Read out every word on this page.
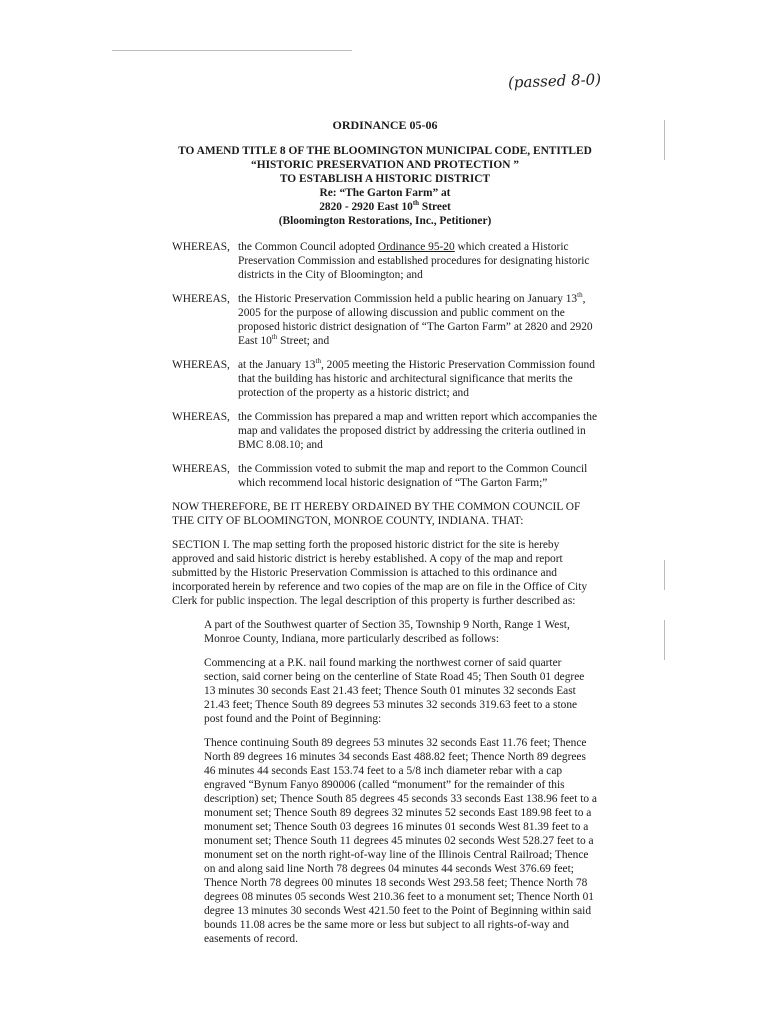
(passed 8-0)
ORDINANCE 05-06
TO AMEND TITLE 8 OF THE BLOOMINGTON MUNICIPAL CODE, ENTITLED
“HISTORIC PRESERVATION AND PROTECTION ”
TO ESTABLISH A HISTORIC DISTRICT
Re: “The Garton Farm” at
2820 - 2920 East 10th Street
(Bloomington Restorations, Inc., Petitioner)
WHEREAS, the Common Council adopted Ordinance 95-20 which created a Historic Preservation Commission and established procedures for designating historic districts in the City of Bloomington; and
WHEREAS, the Historic Preservation Commission held a public hearing on January 13th, 2005 for the purpose of allowing discussion and public comment on the proposed historic district designation of “The Garton Farm” at 2820 and 2920 East 10th Street; and
WHEREAS, at the January 13th, 2005 meeting the Historic Preservation Commission found that the building has historic and architectural significance that merits the protection of the property as a historic district; and
WHEREAS, the Commission has prepared a map and written report which accompanies the map and validates the proposed district by addressing the criteria outlined in BMC 8.08.10; and
WHEREAS, the Commission voted to submit the map and report to the Common Council which recommend local historic designation of “The Garton Farm;”

NOW THEREFORE, BE IT HEREBY ORDAINED BY THE COMMON COUNCIL OF THE CITY OF BLOOMINGTON, MONROE COUNTY, INDIANA. THAT:

SECTION I. The map setting forth the proposed historic district for the site is hereby approved and said historic district is hereby established. A copy of the map and report submitted by the Historic Preservation Commission is attached to this ordinance and incorporated herein by reference and two copies of the map are on file in the Office of City Clerk for public inspection. The legal description of this property is further described as:

A part of the Southwest quarter of Section 35, Township 9 North, Range 1 West, Monroe County, Indiana, more particularly described as follows:

Commencing at a P.K. nail found marking the northwest corner of said quarter section, said corner being on the centerline of State Road 45; Then South 01 degree 13 minutes 30 seconds East 21.43 feet; Thence South 01 minutes 32 seconds East 21.43 feet; Thence South 89 degrees 53 minutes 32 seconds 319.63 feet to a stone post found and the Point of Beginning:

Thence continuing South 89 degrees 53 minutes 32 seconds East 11.76 feet; Thence North 89 degrees 16 minutes 34 seconds East 488.82 feet; Thence North 89 degrees 46 minutes 44 seconds East 153.74 feet to a 5/8 inch diameter rebar with a cap engraved “Bynum Fanyo 890006 (called “monument” for the remainder of this description) set; Thence South 85 degrees 45 seconds 33 seconds East 138.96 feet to a monument set; Thence South 89 degrees 32 minutes 52 seconds East 189.98 feet to a monument set; Thence South 03 degrees 16 minutes 01 seconds West 81.39 feet to a monument set; Thence South 11 degrees 45 minutes 02 seconds West 528.27 feet to a monument set on the north right-of-way line of the Illinois Central Railroad; Thence on and along said line North 78 degrees 04 minutes 44 seconds West 376.69 feet; Thence North 78 degrees 00 minutes 18 seconds West 293.58 feet; Thence North 78 degrees 08 minutes 05 seconds West 210.36 feet to a monument set; Thence North 01 degree 13 minutes 30 seconds West 421.50 feet to the Point of Beginning within said bounds 11.08 acres be the same more or less but subject to all rights-of-way and easements of record.
